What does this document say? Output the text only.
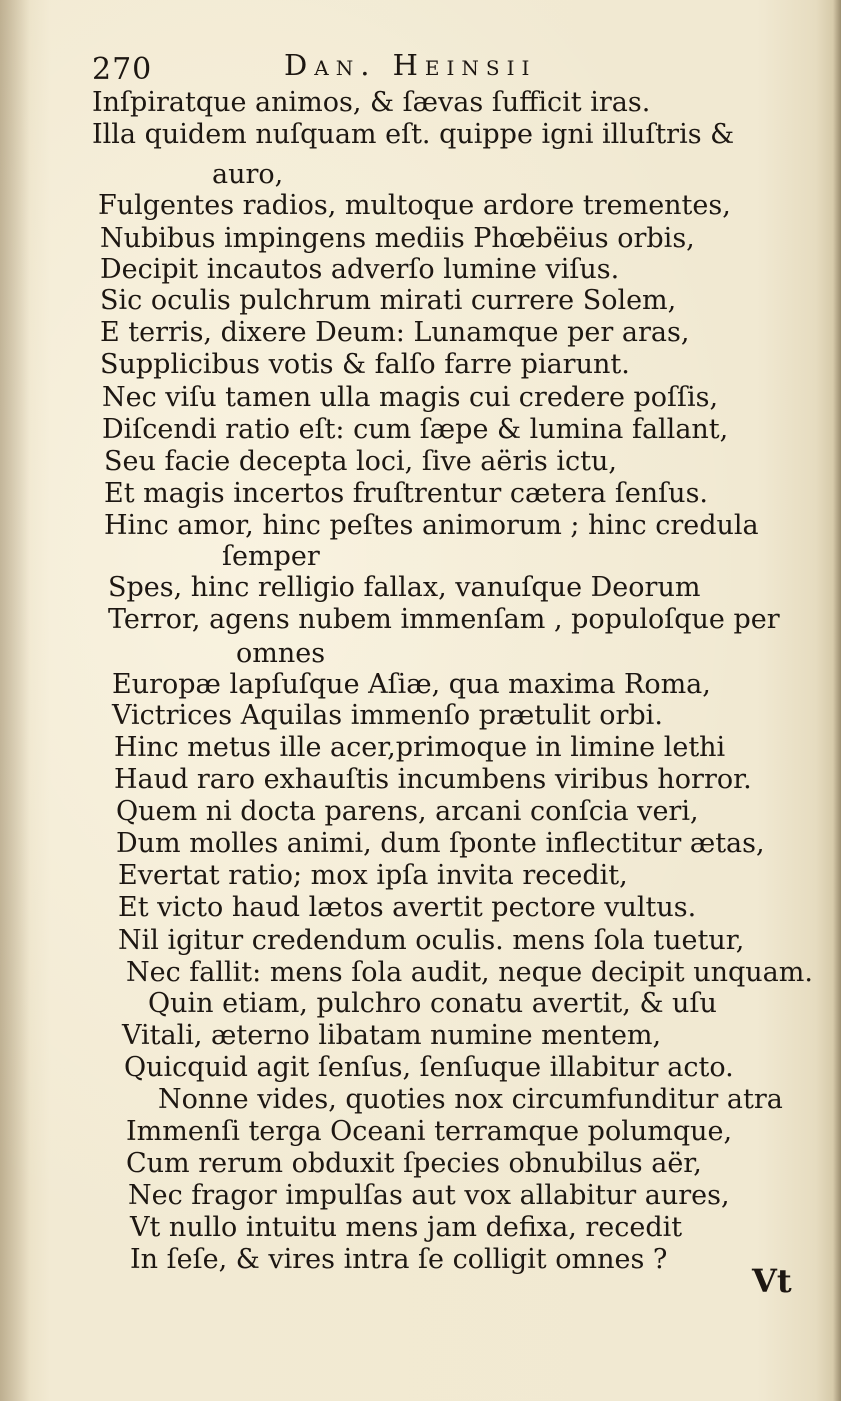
270	Dan. Heinsii
Inſpiratque animos, & ſævas ſufficit iras.
Illa quidem nuſquam eſt. quippe igni illuſtris &
auro,
Fulgentes radios, multoque ardore trementes,
Nubibus impingens mediis Phœbëius orbis,
Decipit incautos adverſo lumine viſus.
Sic oculis pulchrum mirati currere Solem,
E terris, dixere Deum: Lunamque per aras,
Supplicibus votis & falſo farre piarunt.
Nec viſu tamen ulla magis cui credere poſſis,
Diſcendi ratio eſt: cum ſæpe & lumina fallant,
Seu facie decepta loci, ſive aëris ictu,
Et magis incertos fruſtrentur cætera ſenſus.
Hinc amor, hinc peſtes animorum ; hinc credula
ſemper
Spes, hinc relligio fallax, vanuſque Deorum
Terror, agens nubem immenſam , populoſque per
omnes
Europæ lapſuſque Aſiæ, qua maxima Roma,
Victrices Aquilas immenſo prætulit orbi.
Hinc metus ille acer,primoque in limine lethi
Haud raro exhauſtis incumbens viribus horror.
Quem ni docta parens, arcani conſcia veri,
Dum molles animi, dum ſponte inflectitur ætas,
Evertat ratio; mox ipſa invita recedit,
Et victo haud lætos avertit pectore vultus.
Nil igitur credendum oculis. mens ſola tuetur,
Nec fallit: mens ſola audit, neque decipit unquam.
Quin etiam, pulchro conatu avertit, & uſu
Vitali, æterno libatam numine mentem,
Quicquid agit ſenſus, ſenſuque illabitur acto.
Nonne vides, quoties nox circumfunditur atra
Immenſi terga Oceani terramque polumque,
Cum rerum obduxit ſpecies obnubilus aër,
Nec fragor impulſas aut vox allabitur aures,
Vt nullo intuitu mens jam defixa, recedit
In ſeſe, & vires intra ſe colligit omnes ?
Vt
